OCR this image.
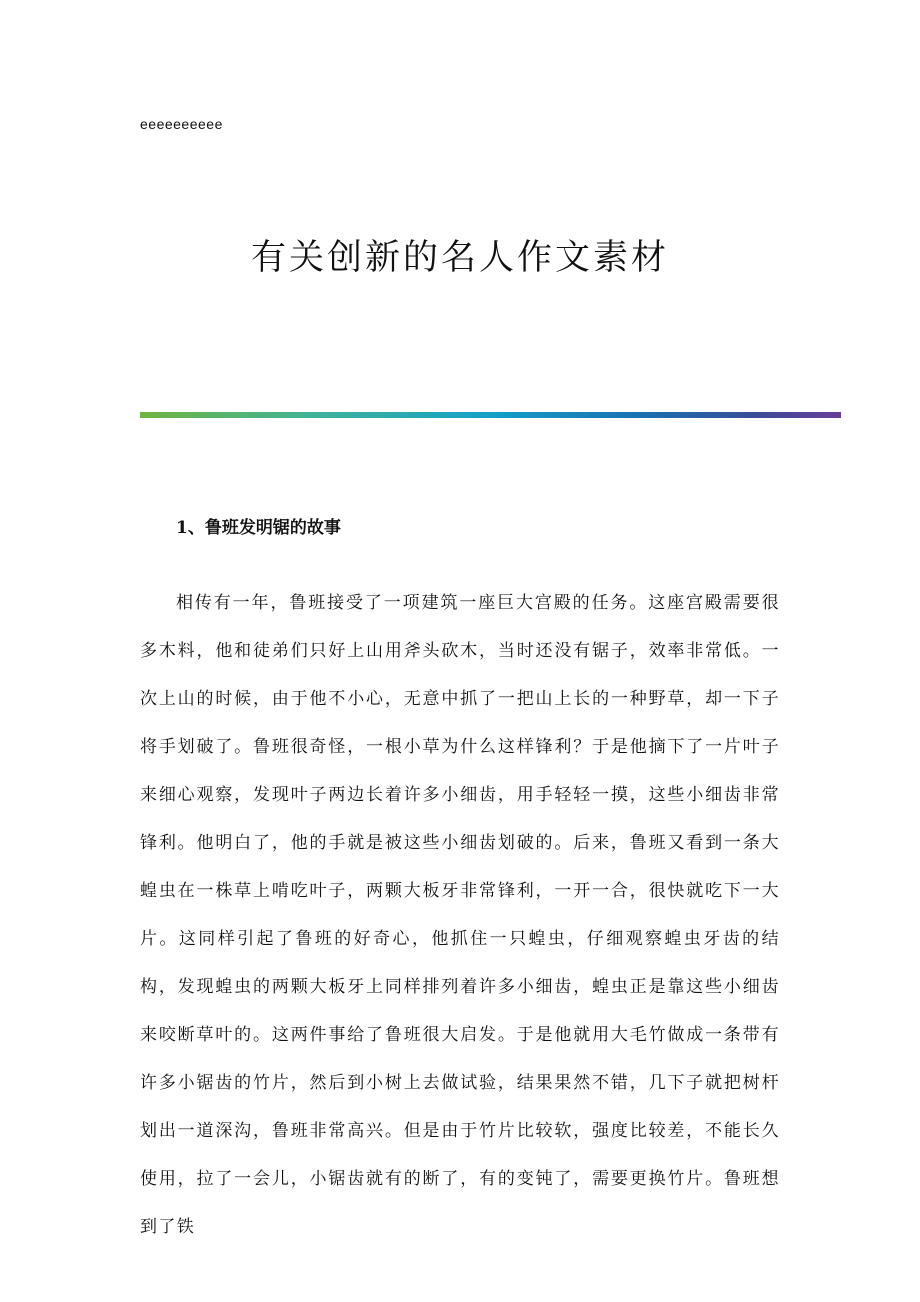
eeeeeeeeee
有关创新的名人作文素材
1、鲁班发明锯的故事

相传有一年，鲁班接受了一项建筑一座巨大宫殿的任务。这座宫殿需要很多木料，他和徒弟们只好上山用斧头砍木，当时还没有锯子，效率非常低。一次上山的时候，由于他不小心，无意中抓了一把山上长的一种野草，却一下子将手划破了。鲁班很奇怪，一根小草为什么这样锋利？于是他摘下了一片叶子来细心观察，发现叶子两边长着许多小细齿，用手轻轻一摸，这些小细齿非常锋利。他明白了，他的手就是被这些小细齿划破的。后来，鲁班又看到一条大蝗虫在一株草上啃吃叶子，两颗大板牙非常锋利，一开一合，很快就吃下一大片。这同样引起了鲁班的好奇心，他抓住一只蝗虫，仔细观察蝗虫牙齿的结构，发现蝗虫的两颗大板牙上同样排列着许多小细齿，蝗虫正是靠这些小细齿来咬断草叶的。这两件事给了鲁班很大启发。于是他就用大毛竹做成一条带有许多小锯齿的竹片，然后到小树上去做试验，结果果然不错，几下子就把树杆划出一道深沟，鲁班非常高兴。但是由于竹片比较软，强度比较差，不能长久使用，拉了一会儿，小锯齿就有的断了，有的变钝了，需要更换竹片。鲁班想到了铁
